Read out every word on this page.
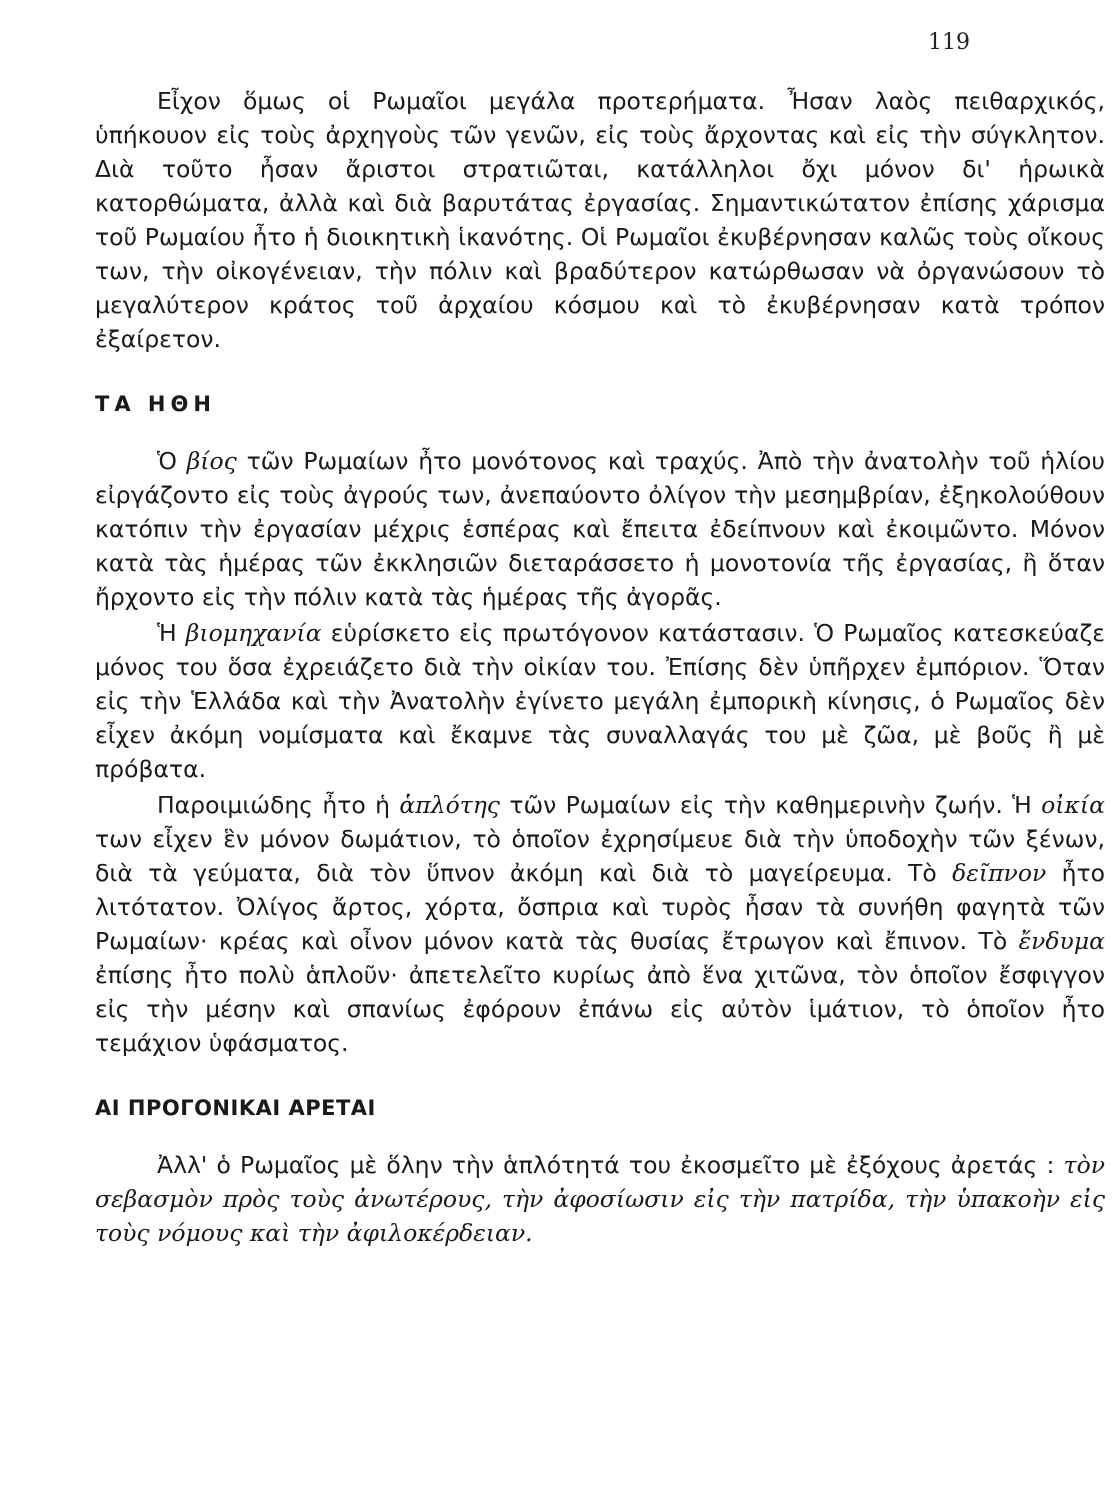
119

Εἶχον ὅμως οἱ Ρωμαῖοι μεγάλα προτερήματα. Ἦσαν λαὸς πειθαρχικός, ὑπήκουον εἰς τοὺς ἀρχηγοὺς τῶν γενῶν, εἰς τοὺς ἄρχοντας καὶ εἰς τὴν σύγκλητον. Διὰ τοῦτο ἦσαν ἄριστοι στρατιῶται, κατάλληλοι ὄχι μόνον δι' ἡρωικὰ κατορθώματα, ἀλλὰ καὶ διὰ βαρυτάτας ἐργασίας. Σημαντικώτατον ἐπίσης χάρισμα τοῦ Ρωμαίου ἦτο ἡ διοικητικὴ ἱκανότης. Οἱ Ρωμαῖοι ἐκυβέρνησαν καλῶς τοὺς οἴκους των, τὴν οἰκογένειαν, τὴν πόλιν καὶ βραδύτερον κατώρθωσαν νὰ ὀργανώσουν τὸ μεγαλύτερον κράτος τοῦ ἀρχαίου κόσμου καὶ τὸ ἐκυβέρνησαν κατὰ τρόπον ἐξαίρετον.

ΤΑ ΗΘΗ

Ὁ βίος τῶν Ρωμαίων ἦτο μονότονος καὶ τραχύς. Ἀπὸ τὴν ἀνατολὴν τοῦ ἡλίου εἰργάζοντο εἰς τοὺς ἀγρούς των, ἀνεπαύοντο ὀλίγον τὴν μεσημβρίαν, ἐξηκολούθουν κατόπιν τὴν ἐργασίαν μέχρις ἑσπέρας καὶ ἔπειτα ἐδείπνουν καὶ ἐκοιμῶντο. Μόνον κατὰ τὰς ἡμέρας τῶν ἐκκλησιῶν διεταράσσετο ἡ μονοτονία τῆς ἐργασίας, ἢ ὅταν ἤρχοντο εἰς τὴν πόλιν κατὰ τὰς ἡμέρας τῆς ἀγορᾶς.

Ἡ βιομηχανία εὑρίσκετο εἰς πρωτόγονον κατάστασιν. Ὁ Ρωμαῖος κατεσκεύαζε μόνος του ὅσα ἐχρειάζετο διὰ τὴν οἰκίαν του. Ἐπίσης δὲν ὑπῆρχεν ἐμπόριον. Ὅταν εἰς τὴν Ἑλλάδα καὶ τὴν Ἀνατολὴν ἐγίνετο μεγάλη ἐμπορικὴ κίνησις, ὁ Ρωμαῖος δὲν εἶχεν ἀκόμη νομίσματα καὶ ἔκαμνε τὰς συναλλαγάς του μὲ ζῶα, μὲ βοῦς ἢ μὲ πρόβατα.

Παροιμιώδης ἦτο ἡ ἁπλότης τῶν Ρωμαίων εἰς τὴν καθημερινὴν ζωήν. Ἡ οἰκία των εἶχεν ἓν μόνον δωμάτιον, τὸ ὁποῖον ἐχρησίμευε διὰ τὴν ὑποδοχὴν τῶν ξένων, διὰ τὰ γεύματα, διὰ τὸν ὕπνον ἀκόμη καὶ διὰ τὸ μαγείρευμα. Τὸ δεῖπνον ἦτο λιτότατον. Ὀλίγος ἄρτος, χόρτα, ὄσπρια καὶ τυρὸς ἦσαν τὰ συνήθη φαγητὰ τῶν Ρωμαίων· κρέας καὶ οἶνον μόνον κατὰ τὰς θυσίας ἔτρωγον καὶ ἔπινον. Τὸ ἔνδυμα ἐπίσης ἦτο πολὺ ἁπλοῦν· ἀπετελεῖτο κυρίως ἀπὸ ἕνα χιτῶνα, τὸν ὁποῖον ἔσφιγγον εἰς τὴν μέσην καὶ σπανίως ἐφόρουν ἐπάνω εἰς αὐτὸν ἱμάτιον, τὸ ὁποῖον ἦτο τεμάχιον ὑφάσματος.

ΑΙ ΠΡΟΓΟΝΙΚΑΙ ΑΡΕΤΑΙ

Ἀλλ' ὁ Ρωμαῖος μὲ ὅλην τὴν ἁπλότητά του ἐκοσμεῖτο μὲ ἐξόχους ἀρετάς : τὸν σεβασμὸν πρὸς τοὺς ἀνωτέρους, τὴν ἀφοσίωσιν εἰς τὴν πατρίδα, τὴν ὑπακοὴν εἰς τοὺς νόμους καὶ τὴν ἀφιλοκέρδειαν.
